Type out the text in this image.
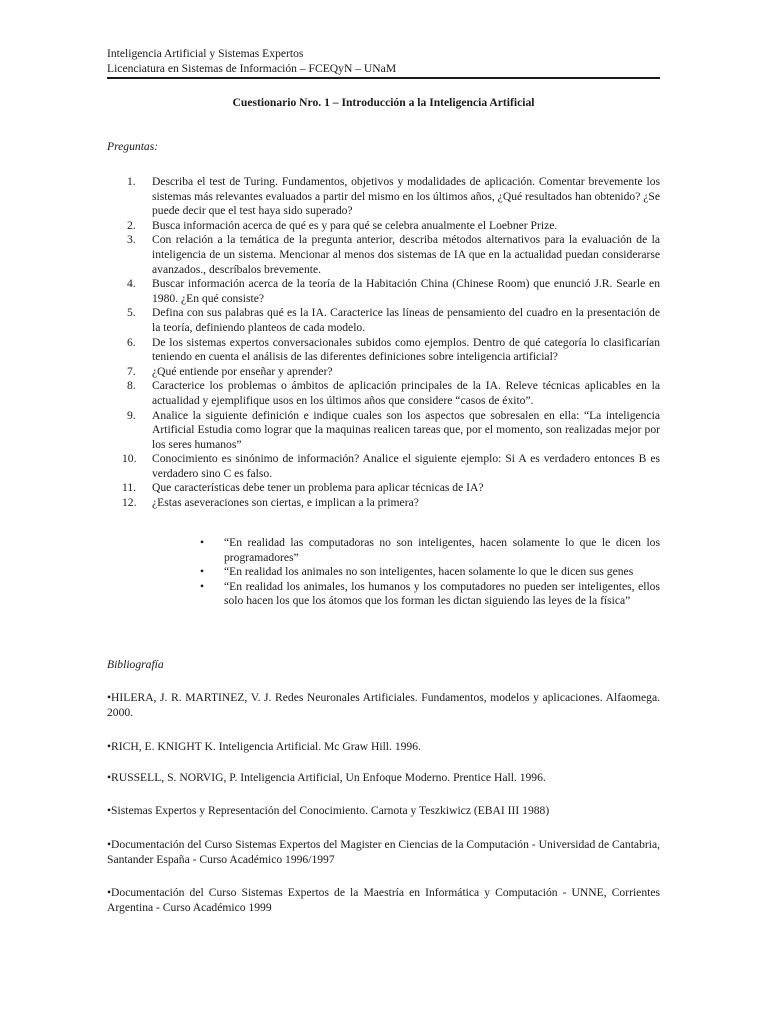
Inteligencia Artificial y Sistemas Expertos
Licenciatura en Sistemas de Información – FCEQyN – UNaM
Cuestionario Nro. 1 – Introducción a la Inteligencia Artificial
Preguntas:
1. Describa el test de Turing. Fundamentos, objetivos y modalidades de aplicación. Comentar brevemente los sistemas más relevantes evaluados a partir del mismo en los últimos años, ¿Qué resultados han obtenido? ¿Se puede decir que el test haya sido superado?
2. Busca información acerca de qué es y para qué se celebra anualmente el Loebner Prize.
3. Con relación a la temática de la pregunta anterior, describa métodos alternativos para la evaluación de la inteligencia de un sistema. Mencionar al menos dos sistemas de IA que en la actualidad puedan considerarse avanzados., descríbalos brevemente.
4. Buscar información acerca de la teoría de la Habitación China (Chinese Room) que enunció J.R. Searle en 1980. ¿En qué consiste?
5. Defina con sus palabras qué es la IA. Caracterice las líneas de pensamiento del cuadro en la presentación de la teoría, definiendo planteos de cada modelo.
6. De los sistemas expertos conversacionales subidos como ejemplos. Dentro de qué categoría lo clasificarían teniendo en cuenta el análisis de las diferentes definiciones sobre inteligencia artificial?
7. ¿Qué entiende por enseñar y aprender?
8. Caracterice los problemas o ámbitos de aplicación principales de la IA. Releve técnicas aplicables en la actualidad y ejemplifique usos en los últimos años que considere “casos de éxito”.
9. Analice la siguiente definición e indique cuales son los aspectos que sobresalen en ella: “La inteligencia Artificial Estudia como lograr que la maquinas realicen tareas que, por el momento, son realizadas mejor por los seres humanos”
10. Conocimiento es sinónimo de información? Analice el siguiente ejemplo: Si A es verdadero entonces B es verdadero sino C es falso.
11. Que características debe tener un problema para aplicar técnicas de IA?
12. ¿Estas aseveraciones son ciertas, e implican a la primera?
• “En realidad las computadoras no son inteligentes, hacen solamente lo que le dicen los programadores”
• “En realidad los animales no son inteligentes, hacen solamente lo que le dicen sus genes
• “En realidad los animales, los humanos y los computadores no pueden ser inteligentes, ellos solo hacen los que los átomos que los forman les dictan siguiendo las leyes de la física”
Bibliografía
•HILERA, J. R. MARTINEZ, V. J. Redes Neuronales Artificiales. Fundamentos, modelos y aplicaciones. Alfaomega. 2000.
•RICH, E. KNIGHT K. Inteligencia Artificial. Mc Graw Hill. 1996.
•RUSSELL, S. NORVIG, P. Inteligencia Artificial, Un Enfoque Moderno. Prentice Hall. 1996.
•Sistemas Expertos y Representación del Conocimiento. Carnota y Teszkiwicz (EBAI III 1988)
•Documentación del Curso Sistemas Expertos del Magister en Ciencias de la Computación - Universidad de Cantabria, Santander España - Curso Académico 1996/1997
•Documentación del Curso Sistemas Expertos de la Maestría en Informática y Computación - UNNE, Corrientes Argentina - Curso Académico 1999
